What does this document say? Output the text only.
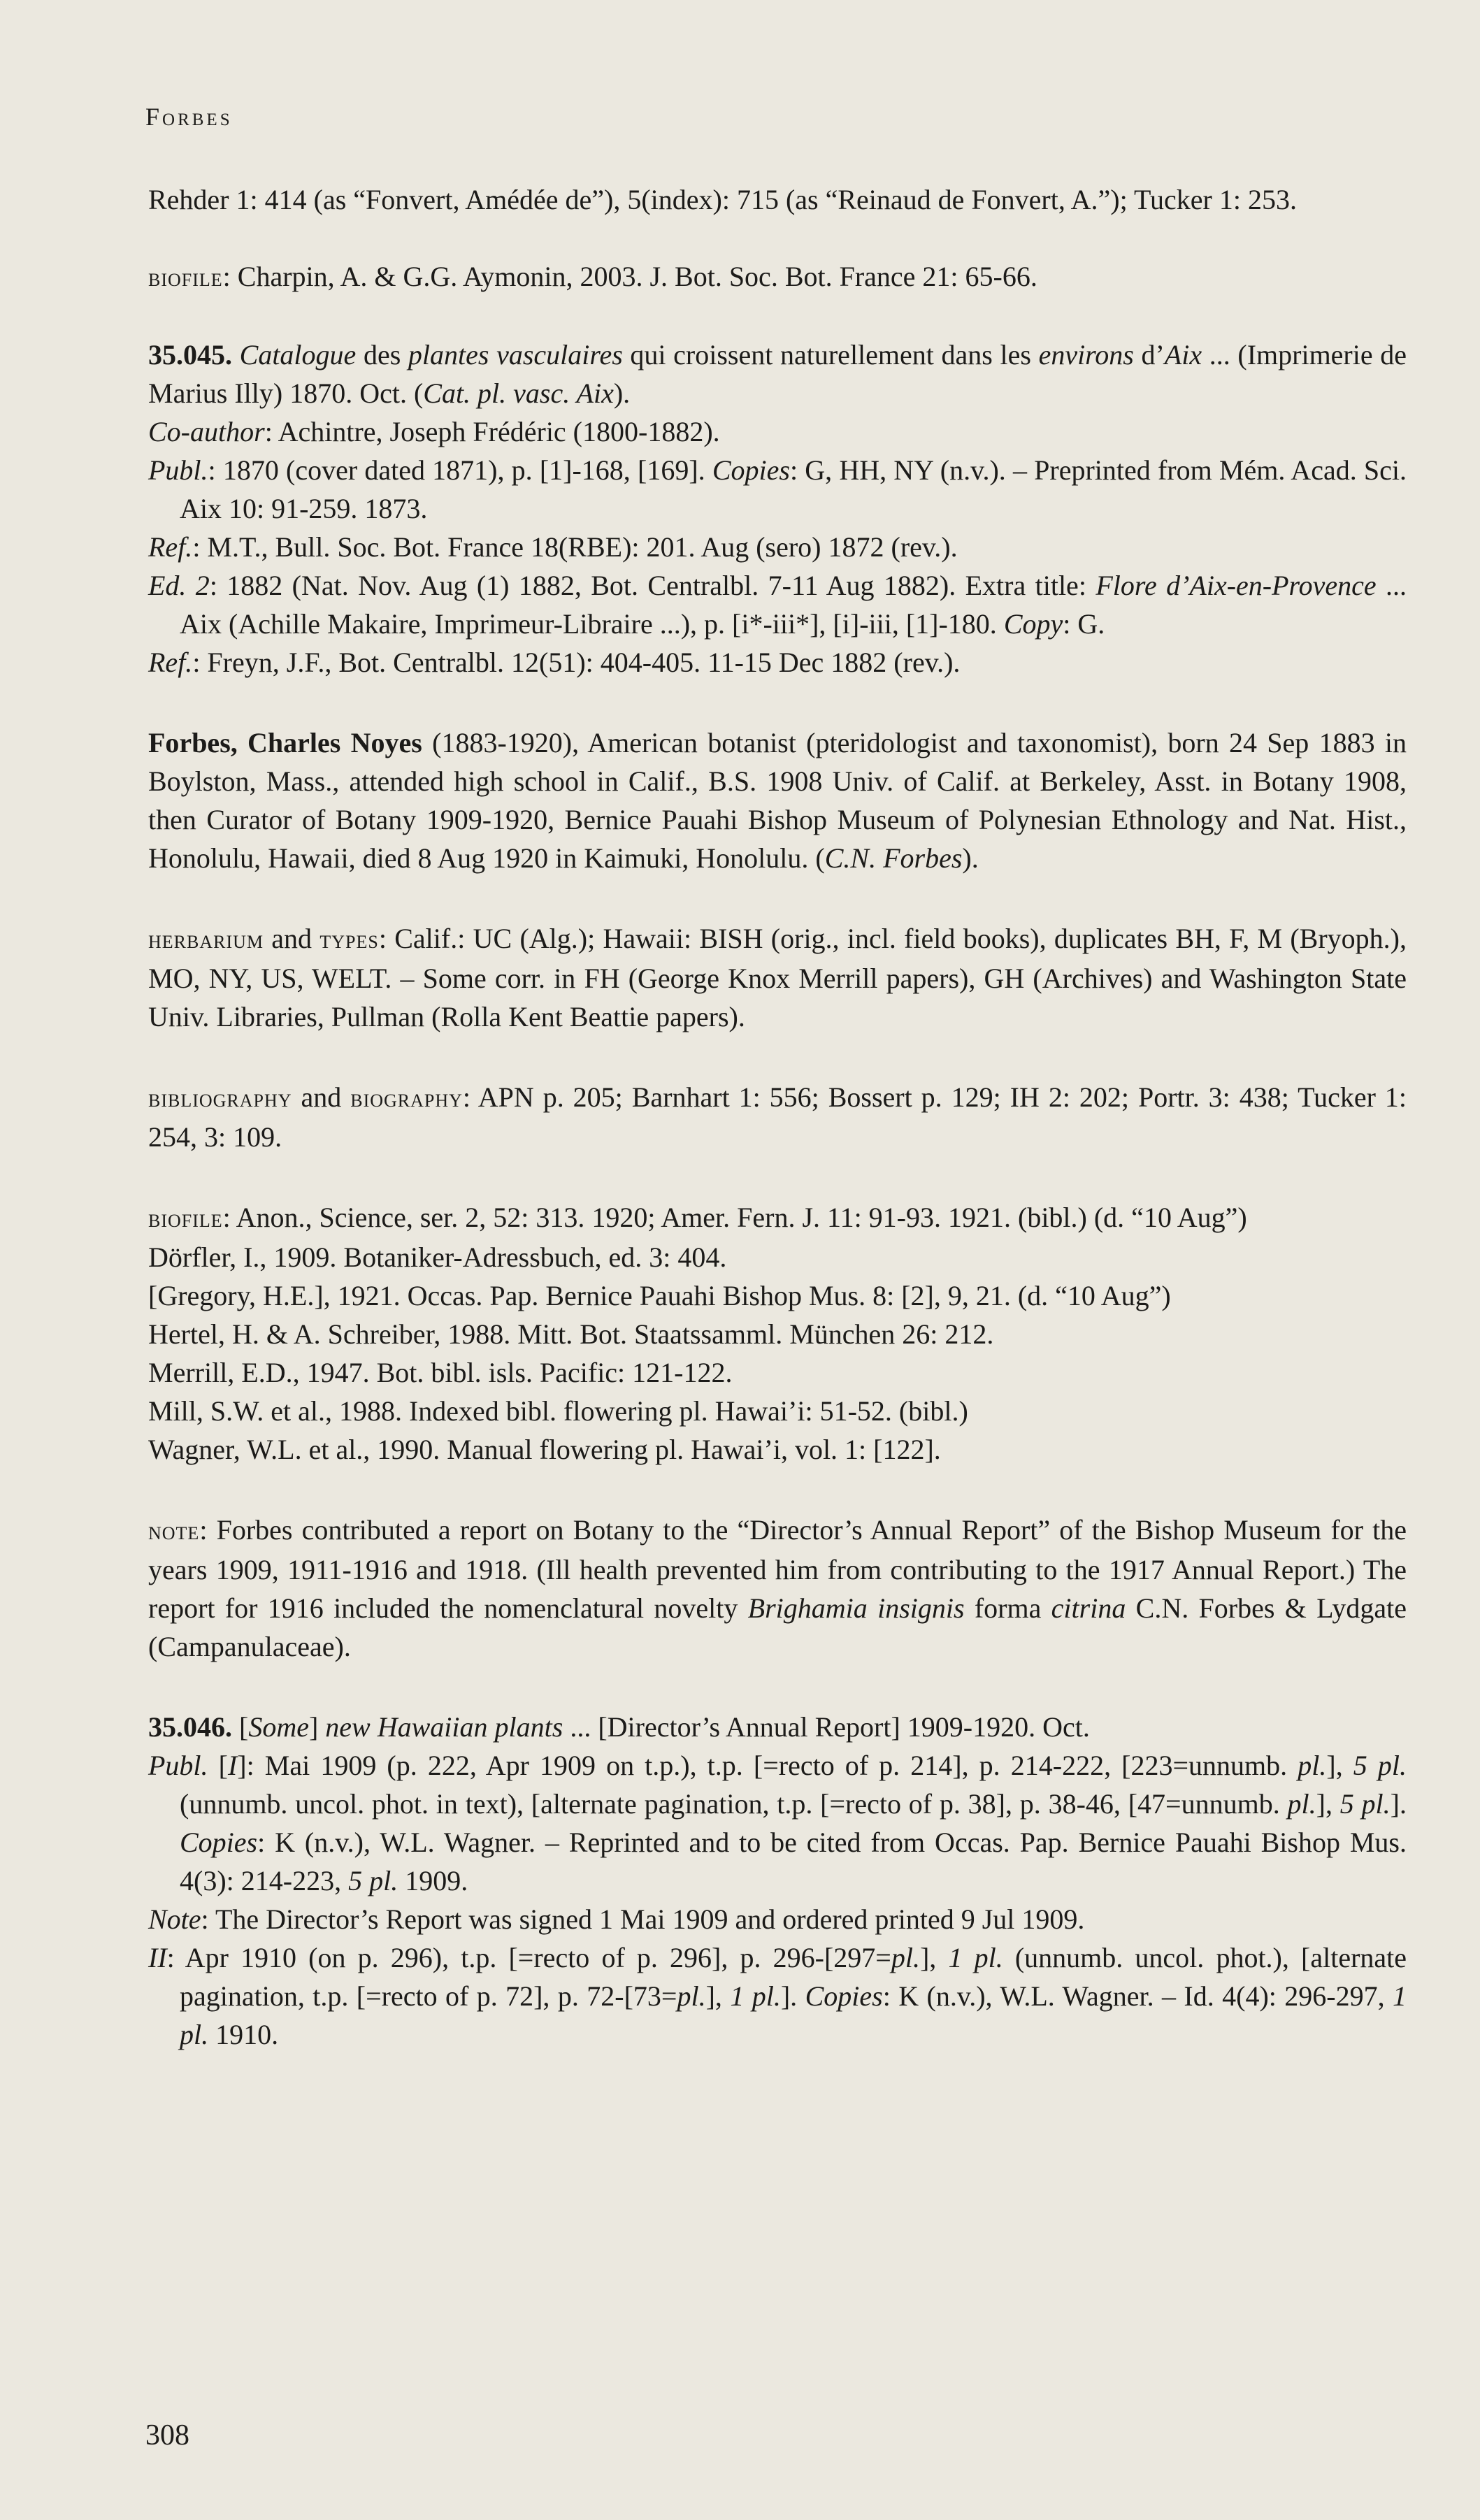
Forbes

Rehder 1: 414 (as “Fonvert, Amédée de”), 5(index): 715 (as “Reinaud de Fonvert, A.”); Tucker 1: 253.

biofile: Charpin, A. & G.G. Aymonin, 2003. J. Bot. Soc. Bot. France 21: 65-66.

35.045. Catalogue des plantes vasculaires qui croissent naturellement dans les environs d’Aix ... (Imprimerie de Marius Illy) 1870. Oct. (Cat. pl. vasc. Aix).

Co-author: Achintre, Joseph Frédéric (1800-1882).

Publ.: 1870 (cover dated 1871), p. [1]-168, [169]. Copies: G, HH, NY (n.v.). – Preprinted from Mém. Acad. Sci. Aix 10: 91-259. 1873.

Ref.: M.T., Bull. Soc. Bot. France 18(RBE): 201. Aug (sero) 1872 (rev.).

Ed. 2: 1882 (Nat. Nov. Aug (1) 1882, Bot. Centralbl. 7-11 Aug 1882). Extra title: Flore d’Aix-en-Provence ... Aix (Achille Makaire, Imprimeur-Libraire ...), p. [i*-iii*], [i]-iii, [1]-180. Copy: G.

Ref.: Freyn, J.F., Bot. Centralbl. 12(51): 404-405. 11-15 Dec 1882 (rev.).

Forbes, Charles Noyes (1883-1920), American botanist (pteridologist and taxonomist), born 24 Sep 1883 in Boylston, Mass., attended high school in Calif., B.S. 1908 Univ. of Calif. at Berkeley, Asst. in Botany 1908, then Curator of Botany 1909-1920, Bernice Pauahi Bishop Museum of Polynesian Ethnology and Nat. Hist., Honolulu, Hawaii, died 8 Aug 1920 in Kaimuki, Honolulu. (C.N. Forbes).

herbarium and types: Calif.: UC (Alg.); Hawaii: BISH (orig., incl. field books), duplicates BH, F, M (Bryoph.), MO, NY, US, WELT. – Some corr. in FH (George Knox Merrill papers), GH (Archives) and Washington State Univ. Libraries, Pullman (Rolla Kent Beattie papers).

bibliography and biography: APN p. 205; Barnhart 1: 556; Bossert p. 129; IH 2: 202; Portr. 3: 438; Tucker 1: 254, 3: 109.

biofile: Anon., Science, ser. 2, 52: 313. 1920; Amer. Fern. J. 11: 91-93. 1921. (bibl.) (d. “10 Aug”)

Dörfler, I., 1909. Botaniker-Adressbuch, ed. 3: 404.

[Gregory, H.E.], 1921. Occas. Pap. Bernice Pauahi Bishop Mus. 8: [2], 9, 21. (d. “10 Aug”)

Hertel, H. & A. Schreiber, 1988. Mitt. Bot. Staatssamml. München 26: 212.

Merrill, E.D., 1947. Bot. bibl. isls. Pacific: 121-122.

Mill, S.W. et al., 1988. Indexed bibl. flowering pl. Hawai’i: 51-52. (bibl.)

Wagner, W.L. et al., 1990. Manual flowering pl. Hawai’i, vol. 1: [122].

note: Forbes contributed a report on Botany to the “Director’s Annual Report” of the Bishop Museum for the years 1909, 1911-1916 and 1918. (Ill health prevented him from contributing to the 1917 Annual Report.) The report for 1916 included the nomenclatural novelty Brighamia insignis forma citrina C.N. Forbes & Lydgate (Campanulaceae).

35.046. [Some] new Hawaiian plants ... [Director’s Annual Report] 1909-1920. Oct.

Publ. [I]: Mai 1909 (p. 222, Apr 1909 on t.p.), t.p. [=recto of p. 214], p. 214-222, [223=unnumb. pl.], 5 pl. (unnumb. uncol. phot. in text), [alternate pagination, t.p. [=recto of p. 38], p. 38-46, [47=unnumb. pl.], 5 pl.]. Copies: K (n.v.), W.L. Wagner. – Reprinted and to be cited from Occas. Pap. Bernice Pauahi Bishop Mus. 4(3): 214-223, 5 pl. 1909.

Note: The Director’s Report was signed 1 Mai 1909 and ordered printed 9 Jul 1909.

II: Apr 1910 (on p. 296), t.p. [=recto of p. 296], p. 296-[297=pl.], 1 pl. (unnumb. uncol. phot.), [alternate pagination, t.p. [=recto of p. 72], p. 72-[73=pl.], 1 pl.]. Copies: K (n.v.), W.L. Wagner. – Id. 4(4): 296-297, 1 pl. 1910.

308
